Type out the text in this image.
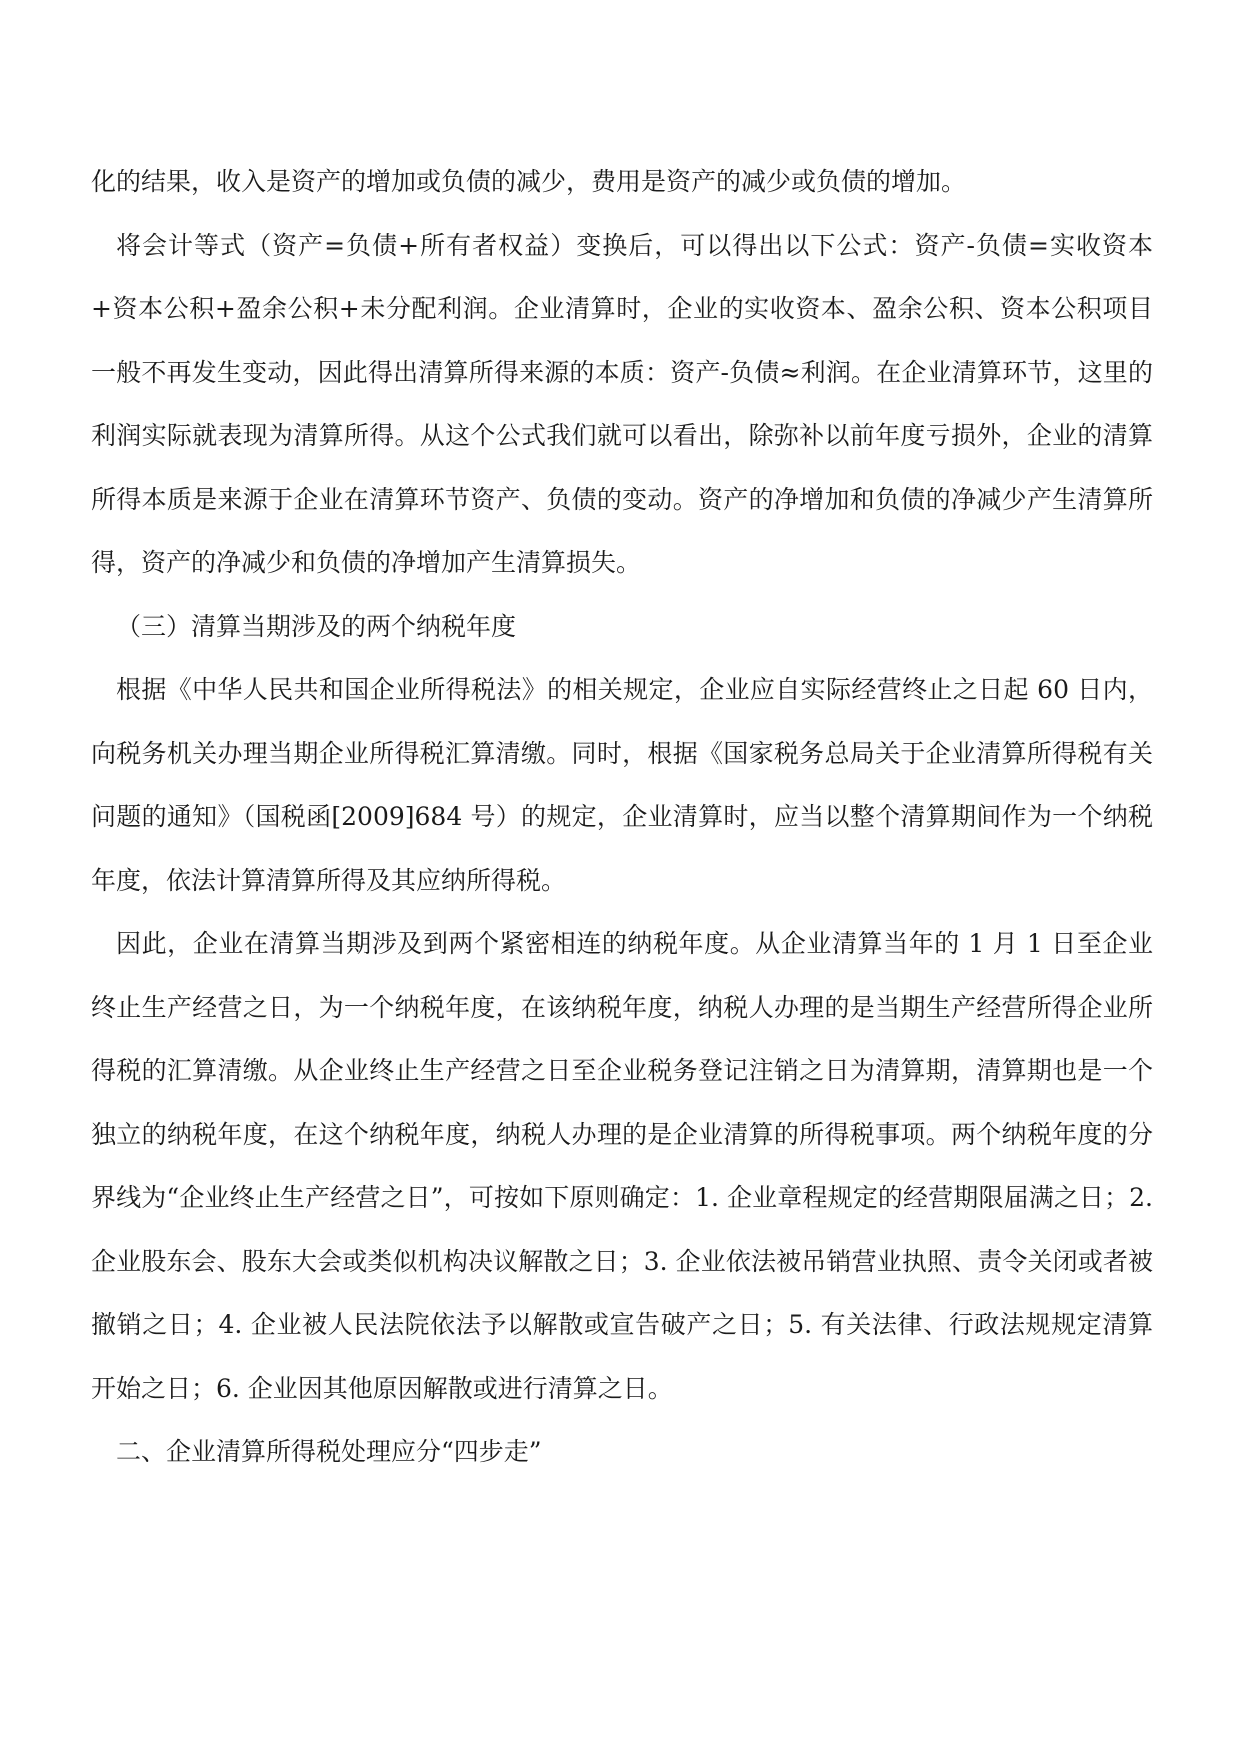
化的结果，收入是资产的增加或负债的减少，费用是资产的减少或负债的增加。

将会计等式（资产=负债+所有者权益）变换后，可以得出以下公式：资产-负债=实收资本+资本公积+盈余公积+未分配利润。企业清算时，企业的实收资本、盈余公积、资本公积项目一般不再发生变动，因此得出清算所得来源的本质：资产-负债≈利润。在企业清算环节，这里的利润实际就表现为清算所得。从这个公式我们就可以看出，除弥补以前年度亏损外，企业的清算所得本质是来源于企业在清算环节资产、负债的变动。资产的净增加和负债的净减少产生清算所得，资产的净减少和负债的净增加产生清算损失。

（三）清算当期涉及的两个纳税年度

根据《中华人民共和国企业所得税法》的相关规定，企业应自实际经营终止之日起 60 日内，向税务机关办理当期企业所得税汇算清缴。同时，根据《国家税务总局关于企业清算所得税有关问题的通知》（国税函[2009]684 号）的规定，企业清算时，应当以整个清算期间作为一个纳税年度，依法计算清算所得及其应纳所得税。

因此，企业在清算当期涉及到两个紧密相连的纳税年度。从企业清算当年的 1 月 1 日至企业终止生产经营之日，为一个纳税年度，在该纳税年度，纳税人办理的是当期生产经营所得企业所得税的汇算清缴。从企业终止生产经营之日至企业税务登记注销之日为清算期，清算期也是一个独立的纳税年度，在这个纳税年度，纳税人办理的是企业清算的所得税事项。两个纳税年度的分界线为“企业终止生产经营之日”，可按如下原则确定：1. 企业章程规定的经营期限届满之日；2. 企业股东会、股东大会或类似机构决议解散之日；3. 企业依法被吊销营业执照、责令关闭或者被撤销之日；4. 企业被人民法院依法予以解散或宣告破产之日；5. 有关法律、行政法规规定清算开始之日；6. 企业因其他原因解散或进行清算之日。

二、企业清算所得税处理应分“四步走”
